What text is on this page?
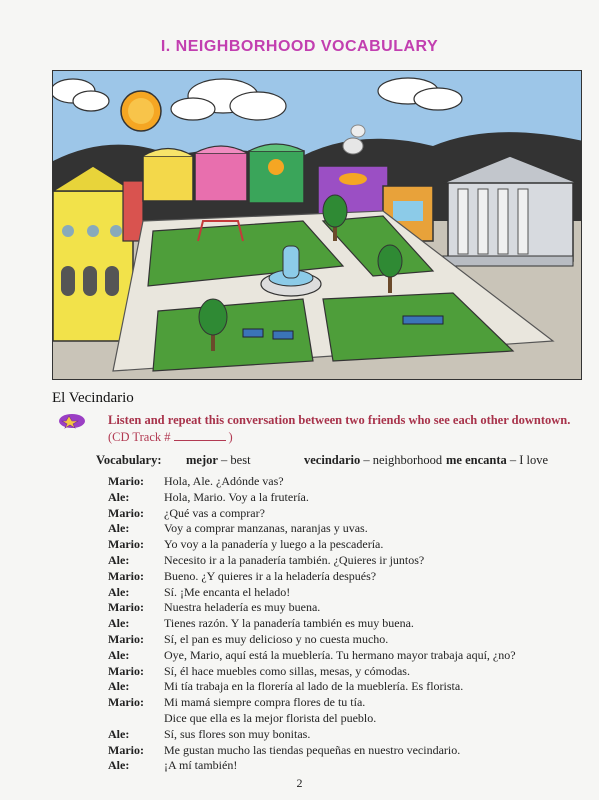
I. NEIGHBORHOOD VOCABULARY
El Vecindario
Listen and repeat this conversation between two friends who see each other downtown.
(CD Track #	)
Vocabulary: mejor – best	vecindario – neighborhood me encanta – I love
Mario:	Hola, Ale. ¿Adónde vas?
Ale:	Hola, Mario. Voy a la frutería.
Mario:	¿Qué vas a comprar?
Ale:	Voy a comprar manzanas, naranjas y uvas.
Mario:	Yo voy a la panadería y luego a la pescadería.
Ale:	Necesito ir a la panadería también. ¿Quieres ir juntos?
Mario:	Bueno. ¿Y quieres ir a la heladería después?
Ale:	Sí. ¡Me encanta el helado!
Mario:	Nuestra heladería es muy buena.
Ale:	Tienes razón. Y la panadería también es muy buena.
Mario:	Sí, el pan es muy delicioso y no cuesta mucho.
Ale:	Oye, Mario, aquí está la mueblería. Tu hermano mayor trabaja aquí, ¿no?
Mario:	Sí, él hace muebles como sillas, mesas, y cómodas.
Ale:	Mi tía trabaja en la florería al lado de la mueblería. Es florista.
Mario:	Mi mamá siempre compra flores de tu tía.
Dice que ella es la mejor florista del pueblo.
Ale:	Sí, sus flores son muy bonitas.
Mario:	Me gustan mucho las tiendas pequeñas en nuestro vecindario.
Ale:	¡A mí también!
2
